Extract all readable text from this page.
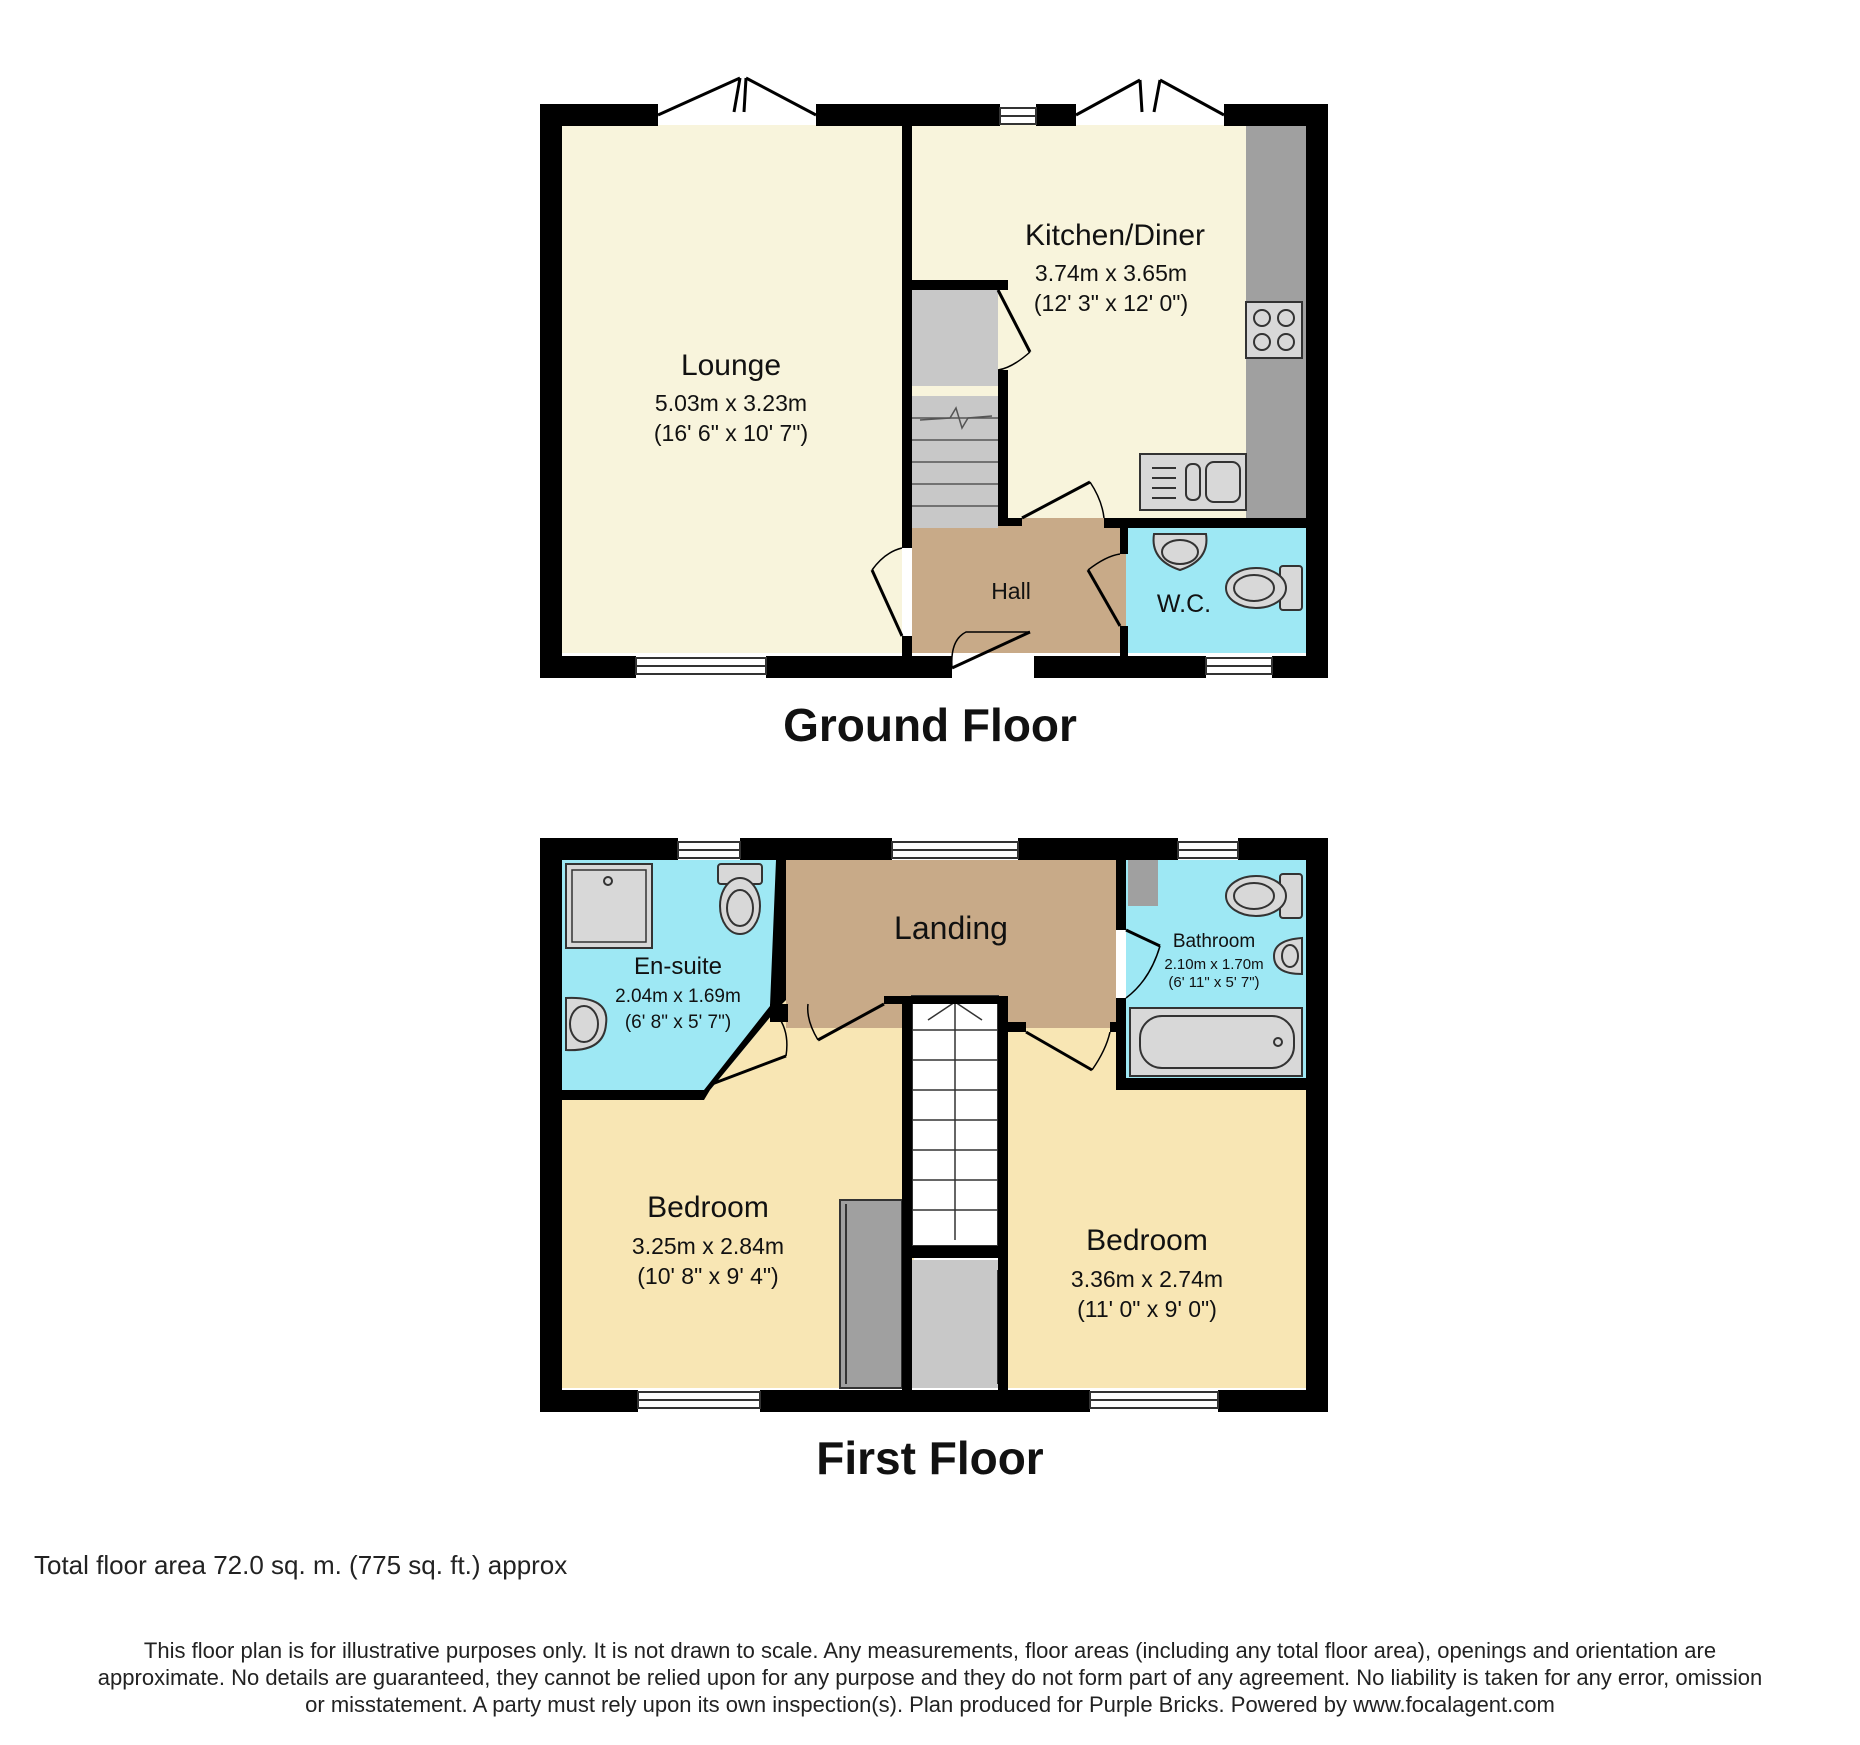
Lounge
5.03m x 3.23m
(16' 6" x 10' 7")
Kitchen/Diner
3.74m x 3.65m
(12' 3" x 12' 0")
Hall	W.C.
En-suite
2.04m x 1.69m
(6' 8" x 5' 7")
Landing	Bathroom
2.10m x 1.70m
(6' 11" x 5' 7")
Bedroom
3.25m x 2.84m
(10' 8" x 9' 4")
Bedroom
3.36m x 2.74m
(11' 0" x 9' 0")
Ground Floor
First Floor
Total floor area 72.0 sq. m. (775 sq. ft.) approx
This floor plan is for illustrative purposes only. It is not drawn to scale. Any measurements, floor areas (including any total floor area), openings and orientation are
approximate. No details are guaranteed, they cannot be relied upon for any purpose and they do not form part of any agreement. No liability is taken for any error, omission
or misstatement. A party must rely upon its own inspection(s). Plan produced for Purple Bricks. Powered by www.focalagent.com
